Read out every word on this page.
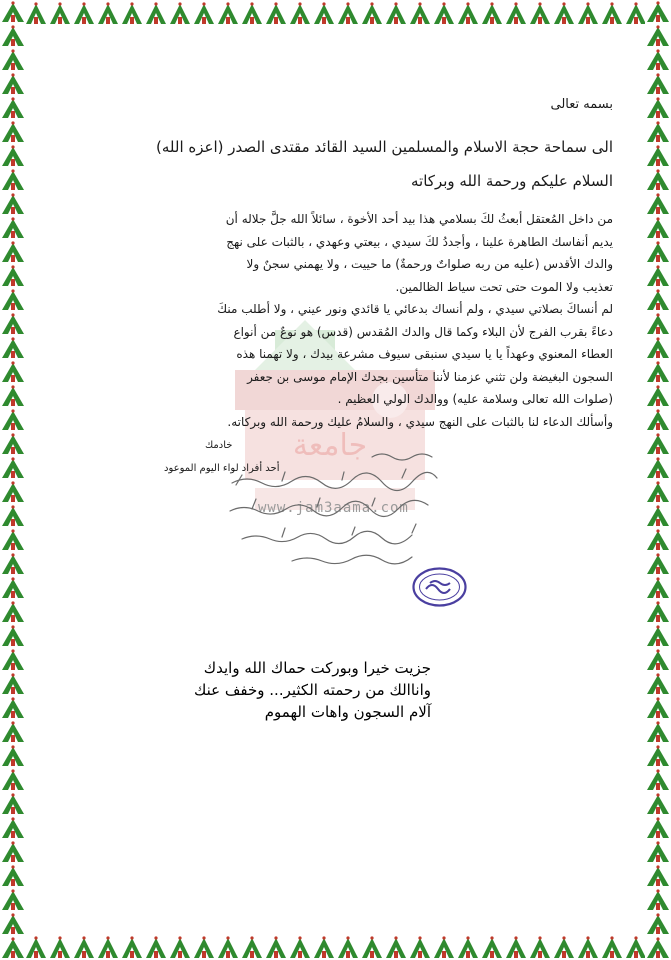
جامعة
www.jam3aama.com
بسمه تعالى
الى سماحة حجة الاسلام والمسلمين السيد القائد مقتدى الصدر (اعزه الله)
السلام عليكم ورحمة الله وبركاته

من داخل المُعتقل أبعثُ لكَ بسلامي هذا بيد أحد الأخوة ، سائلاً الله جلَّ جلاله أن

يديم أنفاسك الطاهرة علينا ، وأجددُ لكَ سيدي ، بيعتي وعهدي ، بالثبات على نهج

والدك الأقدس (عليه من ربه صلواتٌ ورحمةٌ) ما حييت ، ولا يهمني سجنٌ ولا

تعذيب ولا الموت حتى تحت سياط الظالمين.

لم أنساكَ بصلاتي سيدي ، ولم أنساك بدعائي يا قائدي ونور عيني ، ولا أطلب منكَ

دعاءً بقرب الفرج لأن البلاء وكما قال والدك المُقدس (قدس) هو نوعٌ من أنواع

العطاء المعنوي وعهداً يا يا سيدي سنبقى سيوف مشرعة بيدك ، ولا تهمنا هذه

السجون البغيضة ولن تثني عزمنا لأننا متأسين بجدك الإمام موسى بن جعفر

(صلوات الله تعالى وسلامة عليه) ووالدك الولي العظيم .

وأسألك الدعاء لنا بالثبات على النهج سيدي ، والسلامُ عليك ورحمة الله وبركاته.

خادمك
أحد أفراد لواء اليوم الموعود
جزيت خيرا وبوركت حماك الله وايدك
واناالك من رحمته الكثير... وخفف عنك
آلام السجون واهات الهموم
